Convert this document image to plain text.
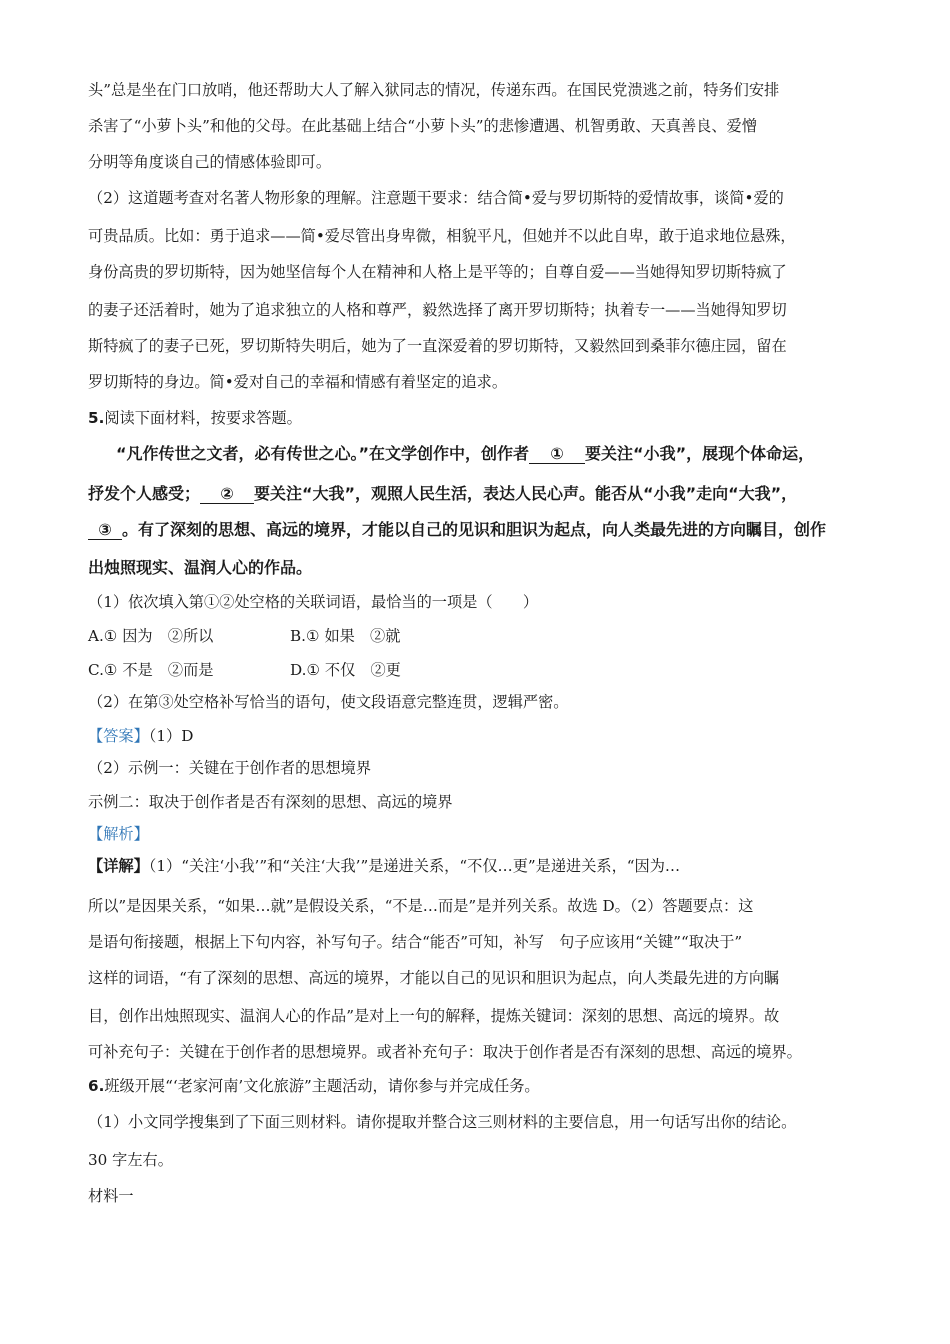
头”总是坐在门口放哨，他还帮助大人了解入狱同志的情况，传递东西。在国民党溃逃之前，特务们安排
杀害了“小萝卜头”和他的父母。在此基础上结合“小萝卜头”的悲惨遭遇、机智勇敢、天真善良、爱憎
分明等角度谈自己的情感体验即可。
（2）这道题考查对名著人物形象的理解。注意题干要求：结合简•爱与罗切斯特的爱情故事，谈简•爱的
可贵品质。比如：勇于追求——简•爱尽管出身卑微，相貌平凡，但她并不以此自卑，敢于追求地位悬殊，
身份高贵的罗切斯特，因为她坚信每个人在精神和人格上是平等的；自尊自爱——当她得知罗切斯特疯了
的妻子还活着时，她为了追求独立的人格和尊严，毅然选择了离开罗切斯特；执着专一——当她得知罗切
斯特疯了的妻子已死，罗切斯特失明后，她为了一直深爱着的罗切斯特，又毅然回到桑菲尔德庄园，留在
罗切斯特的身边。简•爱对自己的幸福和情感有着坚定的追求。
5.阅读下面材料，按要求答题。
“凡作传世之文者，必有传世之心。”在文学创作中，创作者 ① 要关注“小我”，展现个体命运，
抒发个人感受； ② 要关注“大我”，观照人民生活，表达人民心声。能否从“小我”走向“大我”，
③ 。有了深刻的思想、高远的境界，才能以自己的见识和胆识为起点，向人类最先进的方向瞩目，创作
出烛照现实、温润人心的作品。
（1）依次填入第①②处空格的关联词语，最恰当的一项是（　　）
A.① 因为　②所以	B.① 如果　②就
C.① 不是　②而是	D.① 不仅　②更
（2）在第③处空格补写恰当的语句，使文段语意完整连贯，逻辑严密。
【答案】（1）D
（2）示例一：关键在于创作者的思想境界
示例二：取决于创作者是否有深刻的思想、高远的境界
【解析】
【详解】（1）“关注‘小我’”和“关注‘大我’”是递进关系，“不仅…更”是递进关系，“因为…
所以”是因果关系，“如果…就”是假设关系，“不是…而是”是并列关系。故选 D。（2）答题要点：这
是语句衔接题，根据上下句内容，补写句子。结合“能否”可知，补写　句子应该用“关键”“取决于”
这样的词语，“有了深刻的思想、高远的境界，才能以自己的见识和胆识为起点，向人类最先进的方向瞩
目，创作出烛照现实、温润人心的作品”是对上一句的解释，提炼关键词：深刻的思想、高远的境界。故
可补充句子：关键在于创作者的思想境界。或者补充句子：取决于创作者是否有深刻的思想、高远的境界。
6.班级开展“‘老家河南’文化旅游”主题活动，请你参与并完成任务。
（1）小文同学搜集到了下面三则材料。请你提取并整合这三则材料的主要信息，用一句话写出你的结论。
30 字左右。
材料一
